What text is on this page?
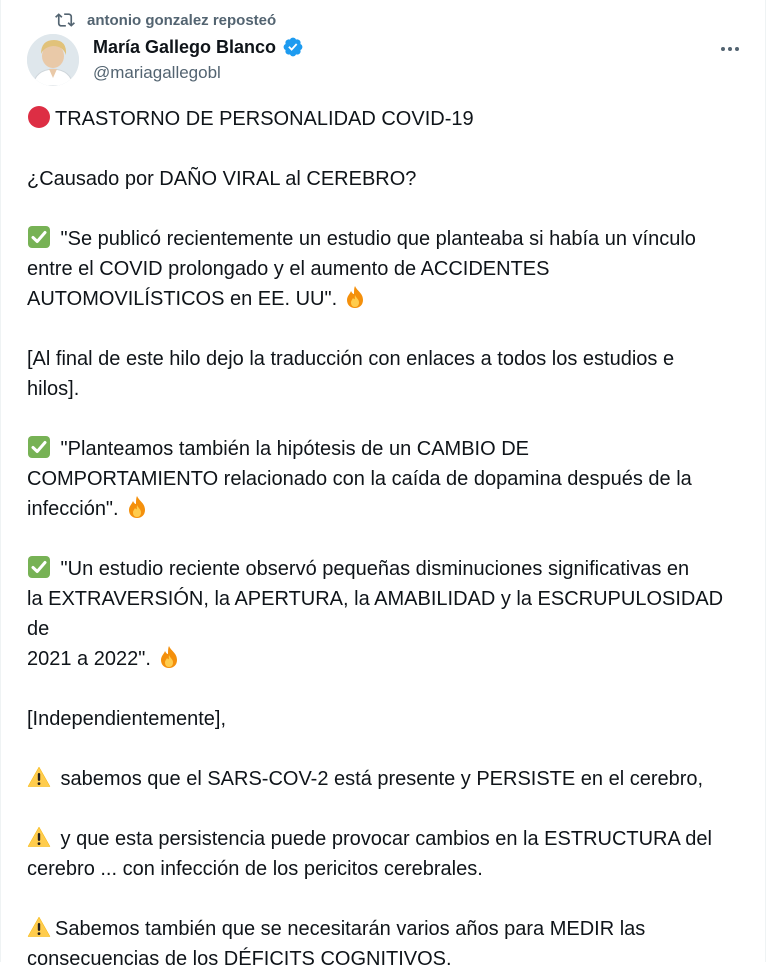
antonio gonzalez reposteó
María Gallego Blanco
@mariagallegobl

TRASTORNO DE PERSONALIDAD COVID-19

¿Causado por DAÑO VIRAL al CEREBRO?

"Se publicó recientemente un estudio que planteaba si había un vínculo
entre el COVID prolongado y el aumento de ACCIDENTES
AUTOMOVILÍSTICOS en EE. UU".

[Al final de este hilo dejo la traducción con enlaces a todos los estudios e
hilos].

"Planteamos también la hipótesis de un CAMBIO DE
COMPORTAMIENTO relacionado con la caída de dopamina después de la
infección".

"Un estudio reciente observó pequeñas disminuciones significativas en
la EXTRAVERSIÓN, la APERTURA, la AMABILIDAD y la ESCRUPULOSIDAD de
2021 a 2022".

[Independientemente],

sabemos que el SARS-COV-2 está presente y PERSISTE en el cerebro,

y que esta persistencia puede provocar cambios en la ESTRUCTURA del
cerebro ... con infección de los pericitos cerebrales.

Sabemos también que se necesitarán varios años para MEDIR las
consecuencias de los DÉFICITS COGNITIVOS.
